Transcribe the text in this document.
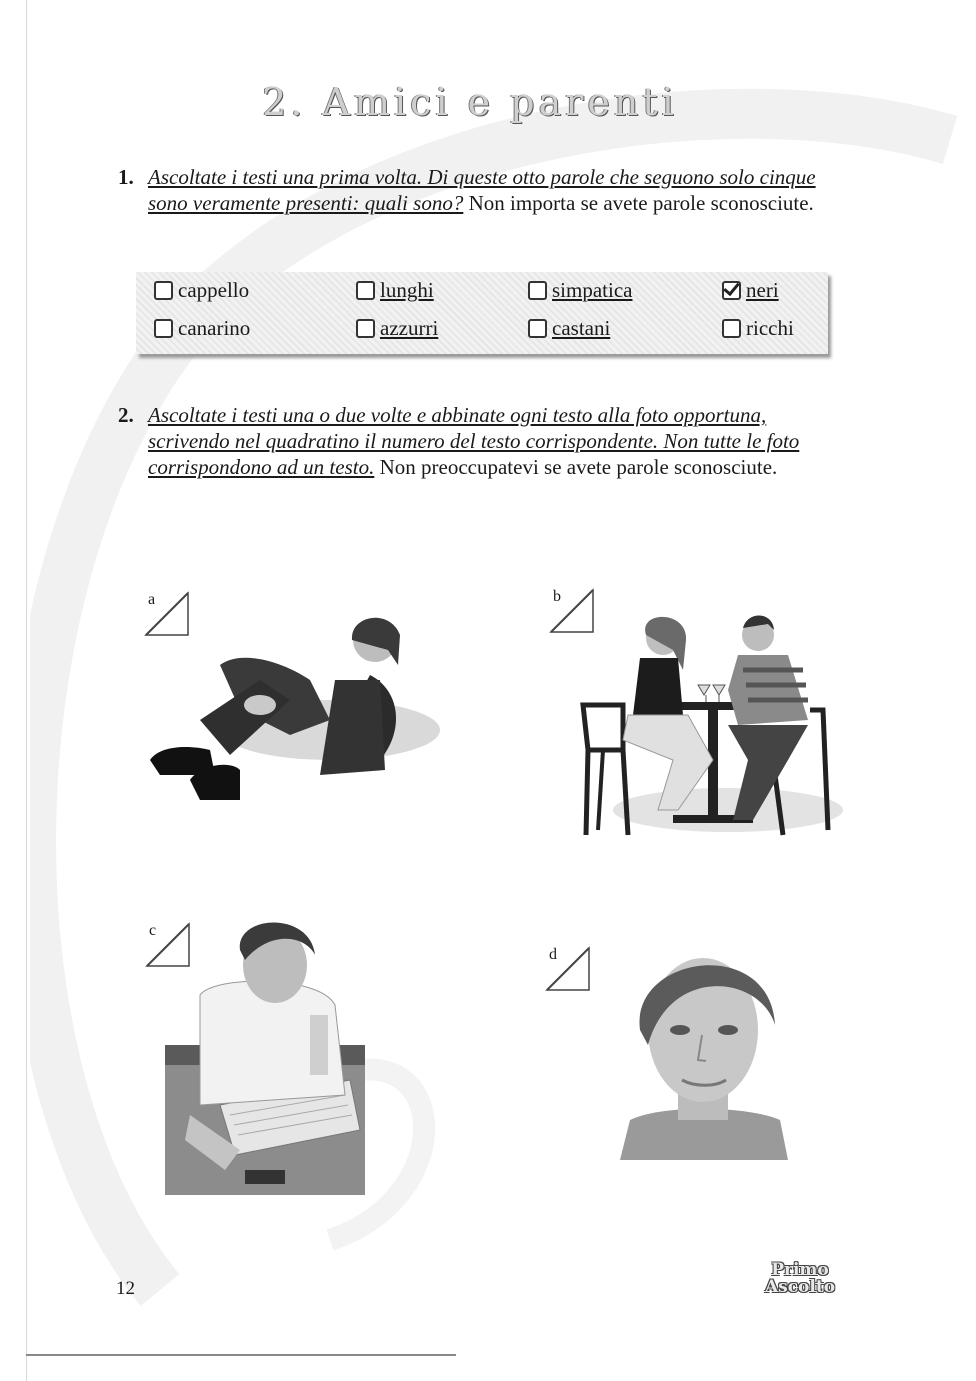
2. Amici e parenti
1. Ascoltate i testi una prima volta. Di queste otto parole che seguono solo cinque sono veramente presenti: quali sono? Non importa se avete parole sconosciute.
cappello	lunghi	simpatica	neri
canarino	azzurri	castani	ricchi
2. Ascoltate i testi una o due volte e abbinate ogni testo alla foto opportuna, scrivendo nel quadratino il numero del testo corrispondente. Non tutte le foto corrispondono ad un testo. Non preoccupatevi se avete parole sconosciute.
a	b
c
d
12
Primo
Ascolto
